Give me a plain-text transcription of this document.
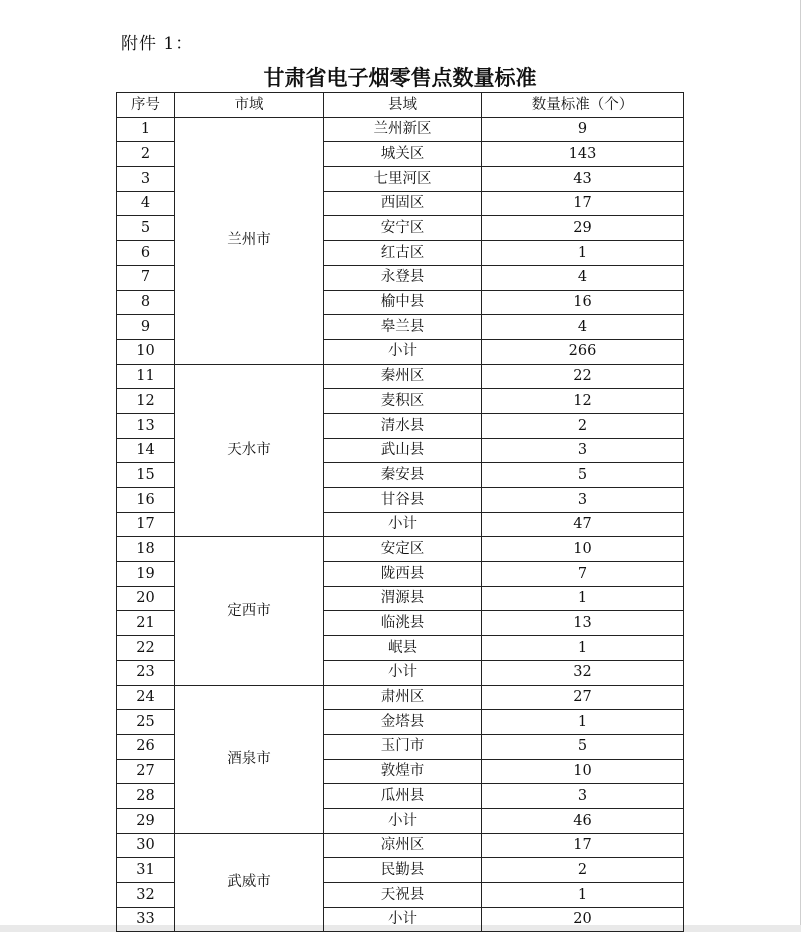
附件 1：
甘肃省电子烟零售点数量标准
序号	市域	县域	数量标准（个）
1	兰州市	兰州新区	9
2		城关区	143
3		七里河区	43
4		西固区	17
5		安宁区	29
6		红古区	1
7		永登县	4
8		榆中县	16
9		皋兰县	4
10		小计	266
11	天水市	秦州区	22
12		麦积区	12
13		清水县	2
14		武山县	3
15		秦安县	5
16		甘谷县	3
17		小计	47
18	定西市	安定区	10
19		陇西县	7
20		渭源县	1
21		临洮县	13
22		岷县	1
23		小计	32
24	酒泉市	肃州区	27
25		金塔县	1
26		玉门市	5
27		敦煌市	10
28		瓜州县	3
29		小计	46
30	武威市	凉州区	17
31		民勤县	2
32		天祝县	1
33		小计	20
